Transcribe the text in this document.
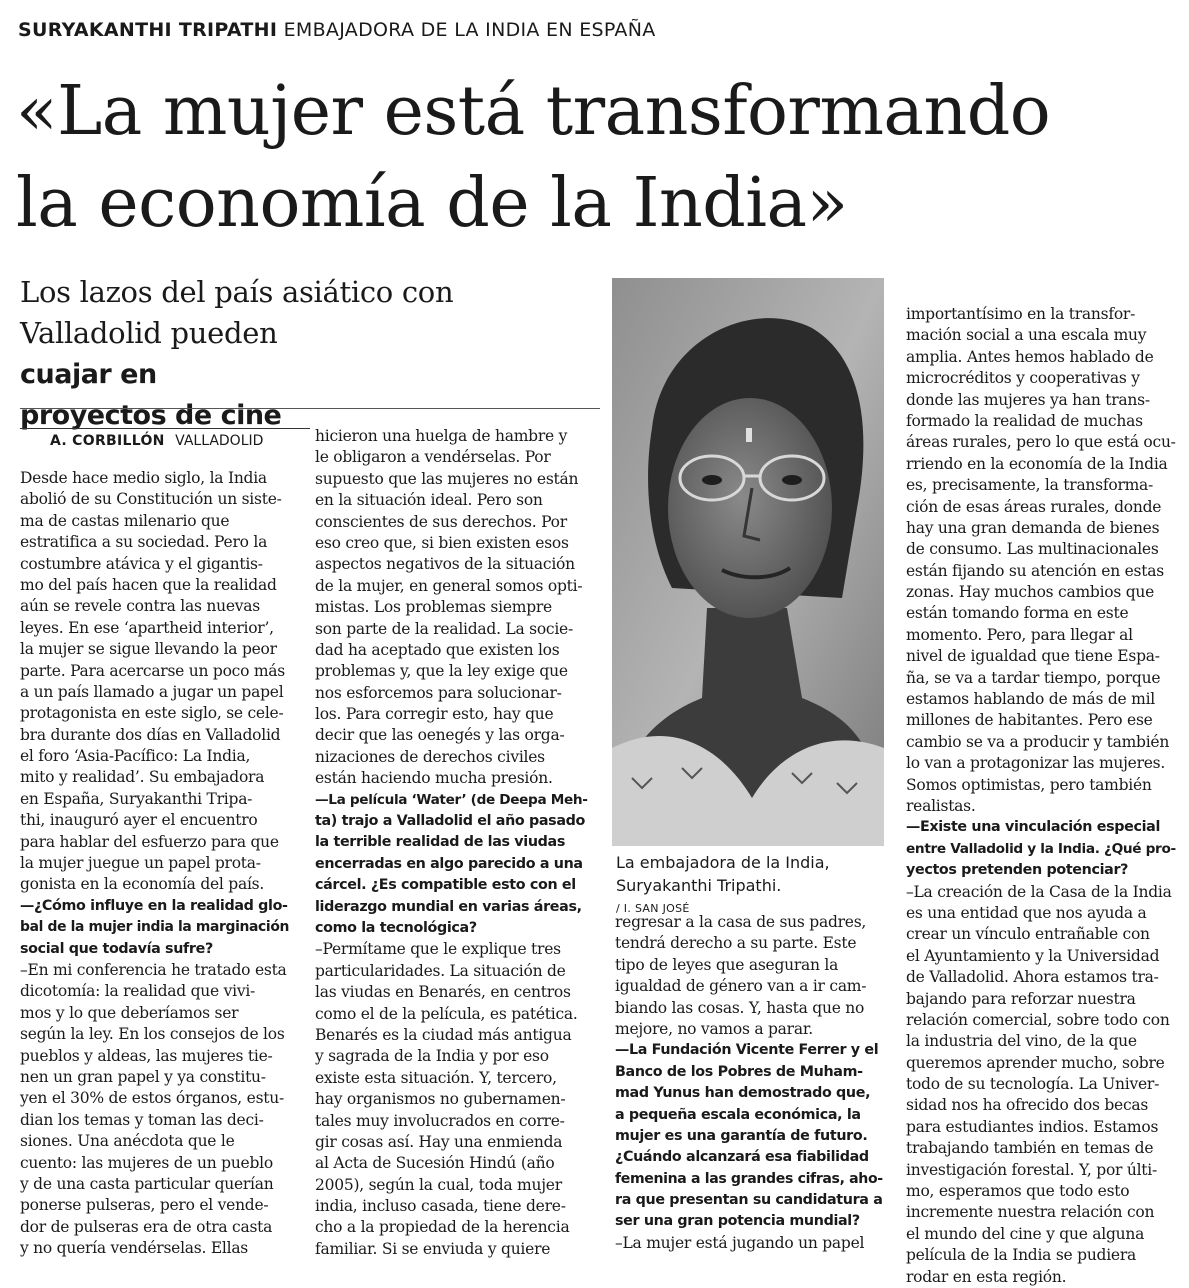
SURYAKANTHI TRIPATHI EMBAJADORA DE LA INDIA EN ESPAÑA
«La mujer está transformando
la economía de la India»
Los lazos del país asiático con
Valladolid pueden
cuajar en
proyectos de cine
A. CORBILLÓN VALLADOLID
Desde hace medio siglo, la India
abolió de su Constitución un siste-
ma de castas milenario que
estratifica a su sociedad. Pero la
costumbre atávica y el gigantis-
mo del país hacen que la realidad
aún se revele contra las nuevas
leyes. En ese ‘apartheid interior’,
la mujer se sigue llevando la peor
parte. Para acercarse un poco más
a un país llamado a jugar un papel
protagonista en este siglo, se cele-
bra durante dos días en Valladolid
el foro ‘Asia-Pacífico: La India,
mito y realidad’. Su embajadora
en España, Suryakanthi Tripa-
thi, inauguró ayer el encuentro
para hablar del esfuerzo para que
la mujer juegue un papel prota-
gonista en la economía del país.
—¿Cómo influye en la realidad glo-
bal de la mujer india la marginación
social que todavía sufre?
–En mi conferencia he tratado esta
dicotomía: la realidad que vivi-
mos y lo que deberíamos ser
según la ley. En los consejos de los
pueblos y aldeas, las mujeres tie-
nen un gran papel y ya constitu-
yen el 30% de estos órganos, estu-
dian los temas y toman las deci-
siones. Una anécdota que le
cuento: las mujeres de un pueblo
y de una casta particular querían
ponerse pulseras, pero el vende-
dor de pulseras era de otra casta
y no quería vendérselas. Ellas
hicieron una huelga de hambre y
le obligaron a vendérselas. Por
supuesto que las mujeres no están
en la situación ideal. Pero son
conscientes de sus derechos. Por
eso creo que, si bien existen esos
aspectos negativos de la situación
de la mujer, en general somos opti-
mistas. Los problemas siempre
son parte de la realidad. La socie-
dad ha aceptado que existen los
problemas y, que la ley exige que
nos esforcemos para solucionar-
los. Para corregir esto, hay que
decir que las oenegés y las orga-
nizaciones de derechos civiles
están haciendo mucha presión.
—La película ‘Water’ (de Deepa Meh-
ta) trajo a Valladolid el año pasado
la terrible realidad de las viudas
encerradas en algo parecido a una
cárcel. ¿Es compatible esto con el
liderazgo mundial en varias áreas,
como la tecnológica?
–Permítame que le explique tres
particularidades. La situación de
las viudas en Benarés, en centros
como el de la película, es patética.
Benarés es la ciudad más antigua
y sagrada de la India y por eso
existe esta situación. Y, tercero,
hay organismos no gubernamen-
tales muy involucrados en corre-
gir cosas así. Hay una enmienda
al Acta de Sucesión Hindú (año
2005), según la cual, toda mujer
india, incluso casada, tiene dere-
cho a la propiedad de la herencia
familiar. Si se enviuda y quiere
La embajadora de la India,
Suryakanthi Tripathi.
/ I. SAN JOSÉ
regresar a la casa de sus padres,
tendrá derecho a su parte. Este
tipo de leyes que aseguran la
igualdad de género van a ir cam-
biando las cosas. Y, hasta que no
mejore, no vamos a parar.
—La Fundación Vicente Ferrer y el
Banco de los Pobres de Muham-
mad Yunus han demostrado que,
a pequeña escala económica, la
mujer es una garantía de futuro.
¿Cuándo alcanzará esa fiabilidad
femenina a las grandes cifras, aho-
ra que presentan su candidatura a
ser una gran potencia mundial?
–La mujer está jugando un papel
importantísimo en la transfor-
mación social a una escala muy
amplia. Antes hemos hablado de
microcréditos y cooperativas y
donde las mujeres ya han trans-
formado la realidad de muchas
áreas rurales, pero lo que está ocu-
rriendo en la economía de la India
es, precisamente, la transforma-
ción de esas áreas rurales, donde
hay una gran demanda de bienes
de consumo. Las multinacionales
están fijando su atención en estas
zonas. Hay muchos cambios que
están tomando forma en este
momento. Pero, para llegar al
nivel de igualdad que tiene Espa-
ña, se va a tardar tiempo, porque
estamos hablando de más de mil
millones de habitantes. Pero ese
cambio se va a producir y también
lo van a protagonizar las mujeres.
Somos optimistas, pero también
realistas.
—Existe una vinculación especial
entre Valladolid y la India. ¿Qué pro-
yectos pretenden potenciar?
–La creación de la Casa de la India
es una entidad que nos ayuda a
crear un vínculo entrañable con
el Ayuntamiento y la Universidad
de Valladolid. Ahora estamos tra-
bajando para reforzar nuestra
relación comercial, sobre todo con
la industria del vino, de la que
queremos aprender mucho, sobre
todo de su tecnología. La Univer-
sidad nos ha ofrecido dos becas
para estudiantes indios. Estamos
trabajando también en temas de
investigación forestal. Y, por últi-
mo, esperamos que todo esto
incremente nuestra relación con
el mundo del cine y que alguna
película de la India se pudiera
rodar en esta región.
